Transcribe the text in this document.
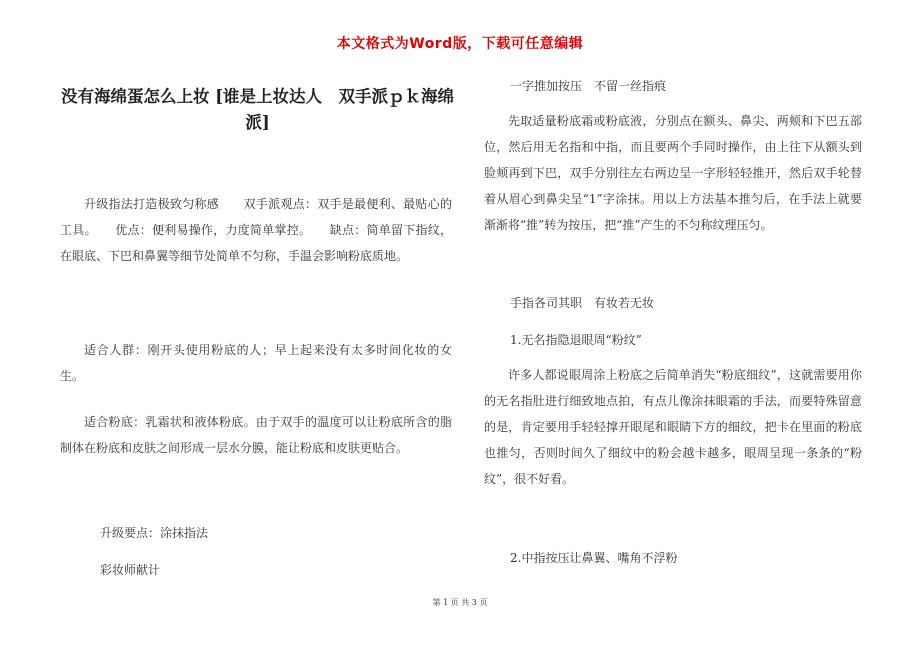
本文格式为Word版，下载可任意编辑
没有海绵蛋怎么上妆 [谁是上妆达人　双手派ｐｋ海绵派]
升级指法打造极致匀称感　　双手派观点：双手是最便利、最贴心的工具。　　优点：便利易操作，力度简单掌控。　　缺点：简单留下指纹，在眼底、下巴和鼻翼等细节处简单不匀称，手温会影响粉底质地。
适合人群：刚开头使用粉底的人；早上起来没有太多时间化妆的女生。
适合粉底：乳霜状和液体粉底。由于双手的温度可以让粉底所含的脂制体在粉底和皮肤之间形成一层水分膜，能让粉底和皮肤更贴合。
升级要点：涂抹指法
彩妆师献计
一字推加按压　不留一丝指痕
先取适量粉底霜或粉底液，分别点在额头、鼻尖、两颊和下巴五部位，然后用无名指和中指，而且要两个手同时操作，由上往下从额头到脸颊再到下巴，双手分别往左右两边呈一字形轻轻推开，然后双手轮替着从眉心到鼻尖呈“1”字涂抹。用以上方法基本推匀后，在手法上就要渐渐将“推”转为按压，把“推”产生的不匀称纹理压匀。
手指各司其职　有妆若无妆
1.无名指隐退眼周“粉纹”
许多人都说眼周涂上粉底之后简单消失“粉底细纹”，这就需要用你的无名指肚进行细致地点拍，有点儿像涂抹眼霜的手法，而要特殊留意的是，肯定要用手轻轻撑开眼尾和眼睛下方的细纹，把卡在里面的粉底也推匀，否则时间久了细纹中的粉会越卡越多，眼周呈现一条条的“粉纹”，很不好看。
2.中指按压让鼻翼、嘴角不浮粉
第 1 页 共 3 页
